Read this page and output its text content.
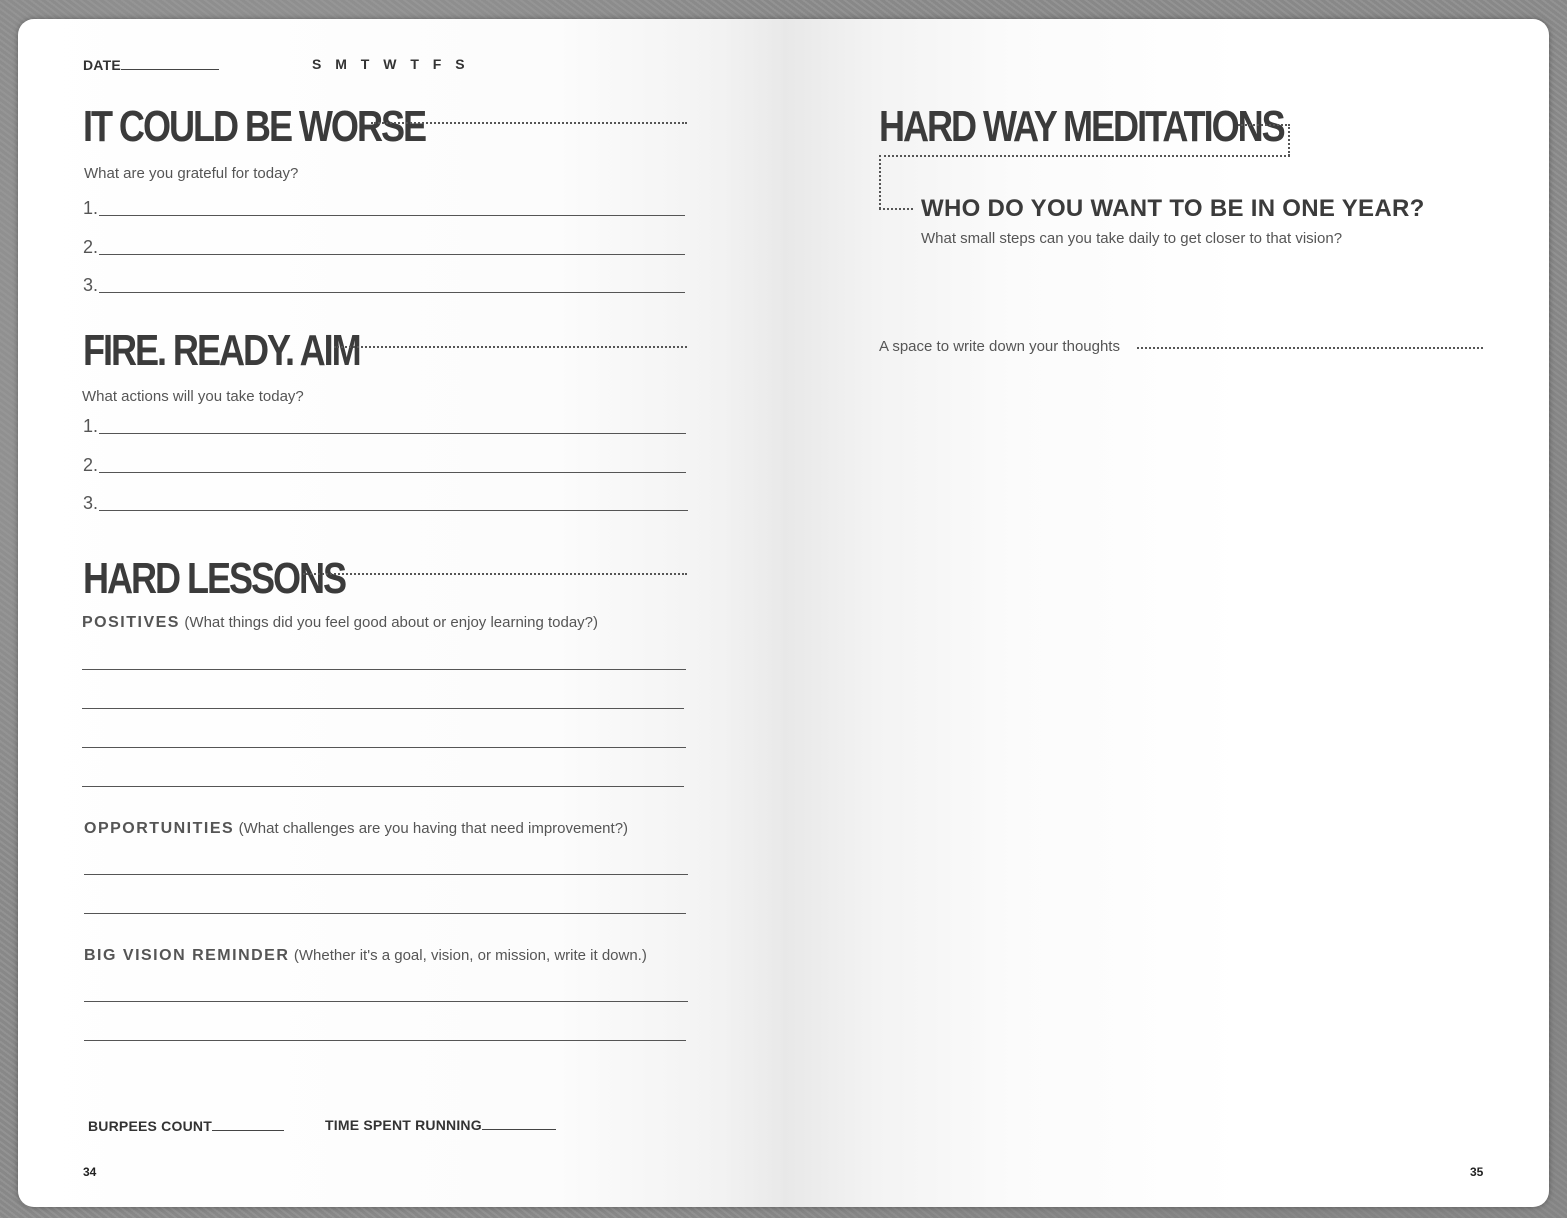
DATE	S M T W T F S
IT COULD BE WORSE
What are you grateful for today?
1.
2.
3.
FIRE. READY. AIM
What actions will you take today?
1.
2.
3.
HARD LESSONS
POSITIVES (What things did you feel good about or enjoy learning today?)
OPPORTUNITIES (What challenges are you having that need improvement?)
BIG VISION REMINDER (Whether it's a goal, vision, or mission, write it down.)
BURPEES COUNT	TIME SPENT RUNNING
34
HARD WAY MEDITATIONS
WHO DO YOU WANT TO BE IN ONE YEAR?
What small steps can you take daily to get closer to that vision?
A space to write down your thoughts
35
